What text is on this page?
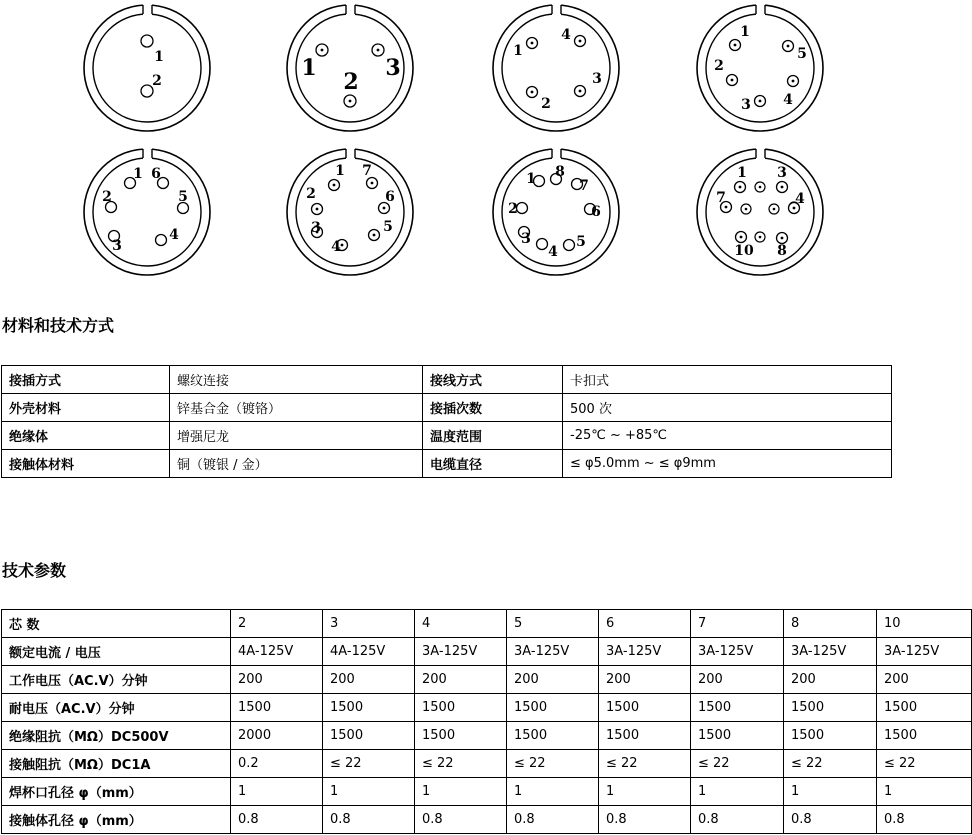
1
2	1
2
3
1
2
3
4	1
2
3 4
5
1
2
3
4
5
6	1
2
3
4
5
6
7	1
2
3
4
5
6
7
8	1 3
4
7
8
10
材料和技术方式
接插方式	螺纹连接	接线方式	卡扣式
外壳材料	锌基合金（镀铬）	接插次数	500 次
绝缘体	增强尼龙	温度范围	-25℃ ~ +85℃
接触体材料	铜（镀银 / 金）	电缆直径	≤ φ5.0mm ~ ≤ φ9mm
技术参数
芯 数	2	3	4	5	6	7	8	10
额定电流 / 电压	4A-125V	4A-125V	3A-125V	3A-125V	3A-125V	3A-125V	3A-125V	3A-125V
工作电压（AC.V）分钟	200	200	200	200	200	200	200	200
耐电压（AC.V）分钟	1500	1500	1500	1500	1500	1500	1500	1500
绝缘阻抗（MΩ）DC500V	2000	1500	1500	1500	1500	1500	1500	1500
接触阻抗（MΩ）DC1A	0.2	≤ 22	≤ 22	≤ 22	≤ 22	≤ 22	≤ 22	≤ 22
焊杯口孔径 φ（mm）	1	1	1	1	1	1	1	1
接触体孔径 φ（mm）	0.8	0.8	0.8	0.8	0.8	0.8	0.8	0.8
